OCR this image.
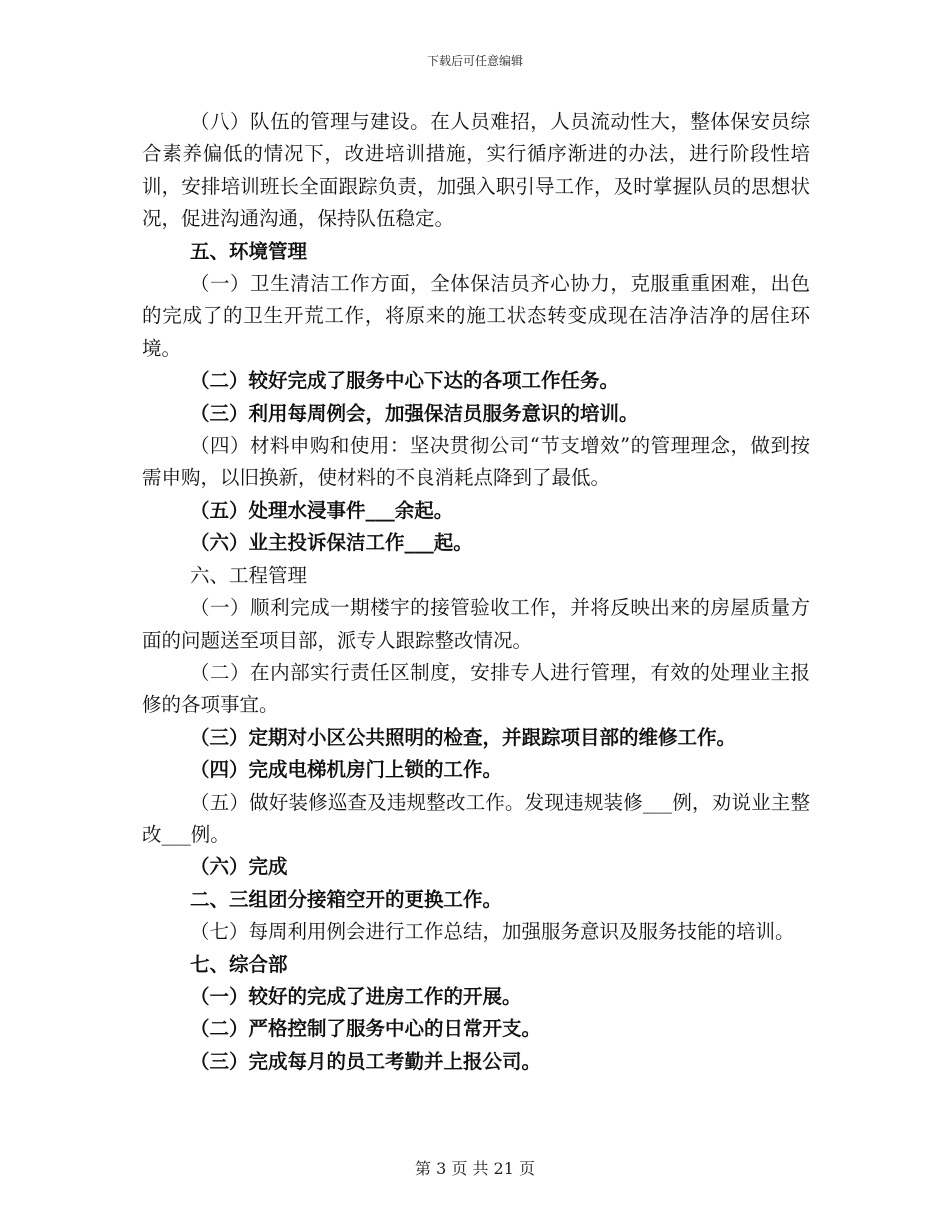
下载后可任意编辑

（八）队伍的管理与建设。在人员难招，人员流动性大，整体保安员综合素养偏低的情况下，改进培训措施，实行循序渐进的办法，进行阶段性培训，安排培训班长全面跟踪负责，加强入职引导工作，及时掌握队员的思想状况，促进沟通沟通，保持队伍稳定。

五、环境管理

（一）卫生清洁工作方面，全体保洁员齐心协力，克服重重困难，出色的完成了的卫生开荒工作，将原来的施工状态转变成现在洁净洁净的居住环境。

（二）较好完成了服务中心下达的各项工作任务。

（三）利用每周例会，加强保洁员服务意识的培训。

（四）材料申购和使用：坚决贯彻公司“节支增效”的管理理念，做到按需申购，以旧换新，使材料的不良消耗点降到了最低。

（五）处理水浸事件___余起。

（六）业主投诉保洁工作___起。

六、工程管理

（一）顺利完成一期楼宇的接管验收工作，并将反映出来的房屋质量方面的问题送至项目部，派专人跟踪整改情况。

（二）在内部实行责任区制度，安排专人进行管理，有效的处理业主报修的各项事宜。

（三）定期对小区公共照明的检查，并跟踪项目部的维修工作。

（四）完成电梯机房门上锁的工作。

（五）做好装修巡查及违规整改工作。发现违规装修___例，劝说业主整改___例。

（六）完成

二、三组团分接箱空开的更换工作。

（七）每周利用例会进行工作总结，加强服务意识及服务技能的培训。

七、综合部

（一）较好的完成了进房工作的开展。

（二）严格控制了服务中心的日常开支。

（三）完成每月的员工考勤并上报公司。

第 3 页 共 21 页
